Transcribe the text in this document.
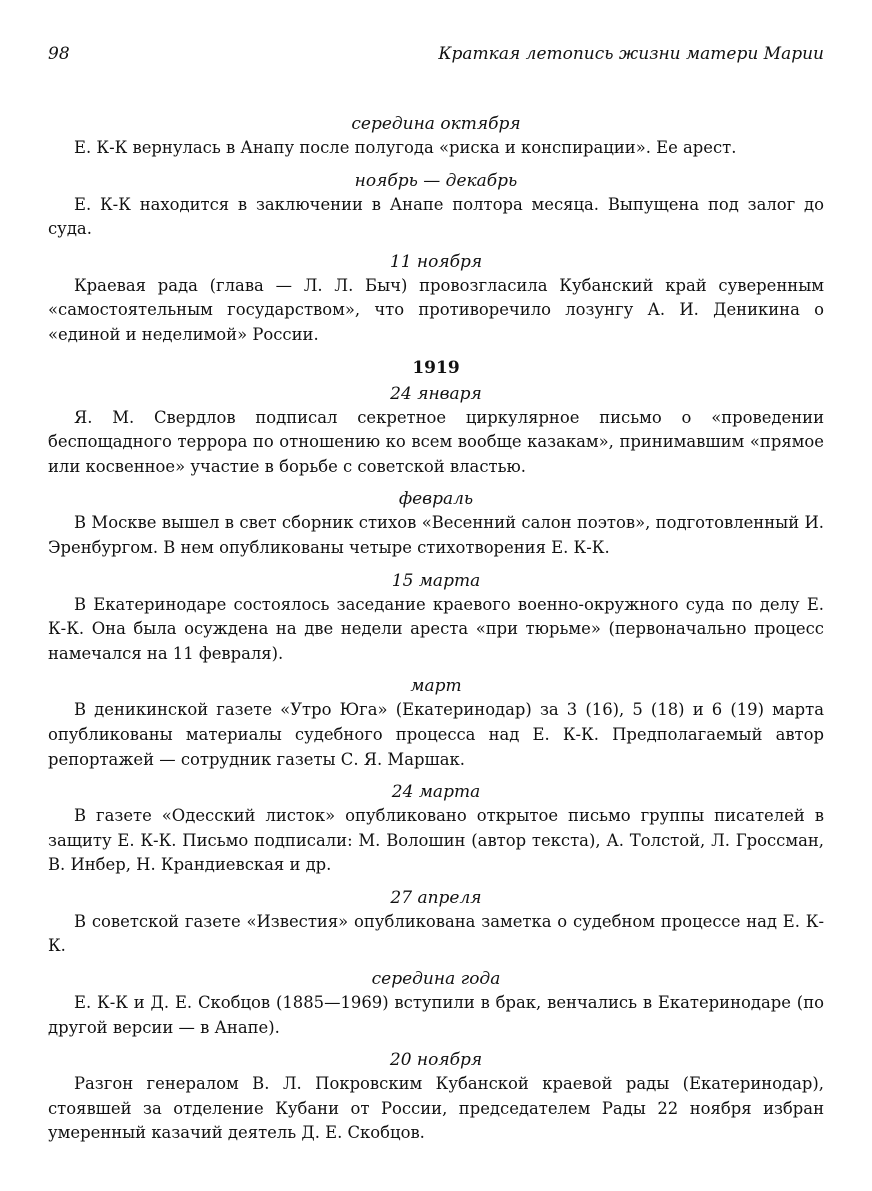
98	Краткая летопись жизни матери Марии
середина октября
Е. К-К вернулась в Анапу после полугода «риска и конспирации». Ее арест.
ноябрь — декабрь
Е. К-К находится в заключении в Анапе полтора месяца. Выпущена под залог до суда.
11 ноября
Краевая рада (глава — Л. Л. Быч) провозгласила Кубанский край суверенным «самостоятельным государством», что противоречило лозунгу А. И. Деникина о «единой и неделимой» России.
1919
24 января
Я. М. Свердлов подписал секретное циркулярное письмо о «проведении беспощадного террора по отношению ко всем вообще казакам», принимавшим «прямое или косвенное» участие в борьбе с советской властью.
февраль
В Москве вышел в свет сборник стихов «Весенний салон поэтов», подготовленный И. Эренбургом. В нем опубликованы четыре стихотворения Е. К-К.
15 марта
В Екатеринодаре состоялось заседание краевого военно-окружного суда по делу Е. К-К. Она была осуждена на две недели ареста «при тюрьме» (первоначально процесс намечался на 11 февраля).
март
В деникинской газете «Утро Юга» (Екатеринодар) за 3 (16), 5 (18) и 6 (19) марта опубликованы материалы судебного процесса над Е. К-К. Предполагаемый автор репортажей — сотрудник газеты С. Я. Маршак.
24 марта
В газете «Одесский листок» опубликовано открытое письмо группы писателей в защиту Е. К-К. Письмо подписали: М. Волошин (автор текста), А. Толстой, Л. Гроссман, В. Инбер, Н. Крандиевская и др.
27 апреля
В советской газете «Известия» опубликована заметка о судебном процессе над Е. К-К.
середина года
Е. К-К и Д. Е. Скобцов (1885—1969) вступили в брак, венчались в Екатеринодаре (по другой версии — в Анапе).
20 ноября
Разгон генералом В. Л. Покровским Кубанской краевой рады (Екатеринодар), стоявшей за отделение Кубани от России, председателем Рады 22 ноября избран умеренный казачий деятель Д. Е. Скобцов.
